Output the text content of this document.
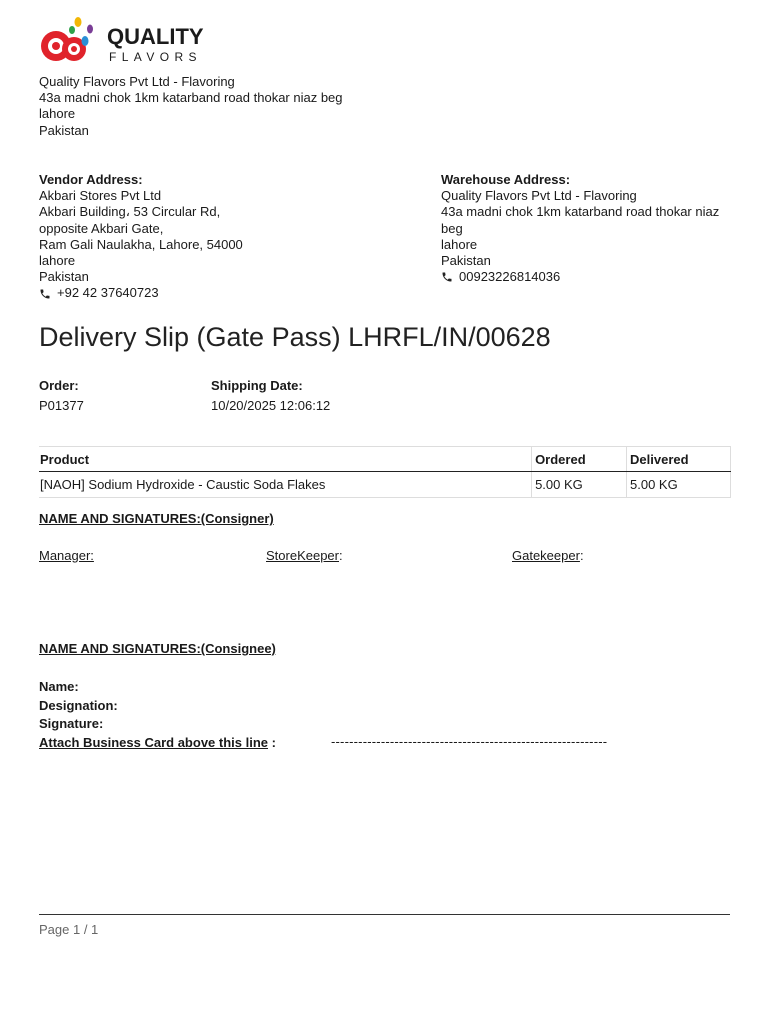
QUALITY
FLAVORS
Quality Flavors Pvt Ltd - Flavoring
43a madni chok 1km katarband road thokar niaz beg
lahore
Pakistan
Vendor Address:
Akbari Stores Pvt Ltd
Akbari Building، 53 Circular Rd,
opposite Akbari Gate,
Ram Gali Naulakha, Lahore, 54000
lahore
Pakistan
+92 42 37640723
Warehouse Address:
Quality Flavors Pvt Ltd - Flavoring
43a madni chok 1km katarband road thokar niaz beg
lahore
Pakistan
00923226814036
Delivery Slip (Gate Pass) LHRFL/IN/00628
Order:
P01377
Shipping Date:
10/20/2025 12:06:12
Product	Ordered	Delivered
[NAOH] Sodium Hydroxide - Caustic Soda Flakes	5.00 KG	5.00 KG
NAME AND SIGNATURES:(Consigner)
Manager:	StoreKeeper:	Gatekeeper:
NAME AND SIGNATURES:(Consignee)
Name:
Designation:
Signature:
Attach Business Card above this line :	-------------------------------------------------------------
Page 1 / 1
